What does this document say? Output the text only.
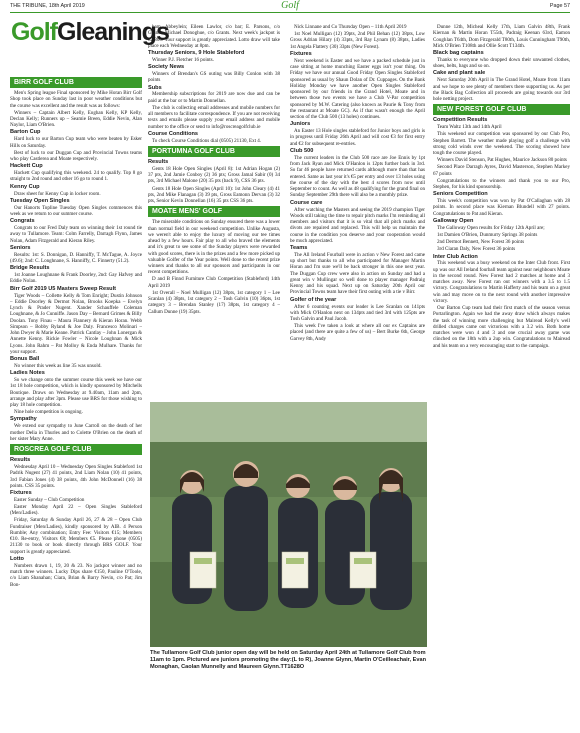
THE TRIBUNE, 18th April 2019	Golf	Page 57
GolfGleanings
BIRR GOLF CLUB

Men's Spring league Final sponsored by Mike Horan Birr Golf Shop took place on Sunday last in poor weather conditions but the course was excellent and the result was as follows:

Winners – Captain Albert Kelly, Eoghan Kelly, KP Kelly, Declan Kelly; Runners up – Seamie Breen, Eddie Nevin, Alan Naylor, Liam O'Brien.

Barton Cup

Hard luck to our Barton Cup team who were beaten by Esker Hills on Saturday.

Best of luck to our Duggan Cup and Provincial Towns teams who play Castlerea and Moate respectively.

Hackett Cup

Hackett Cup qualifying this weekend. 24 to qualify. Top 8 go straight to 2nd round and other 16 go to round 1.

Kenny Cup

Draw sheet for Kenny Cup in locker room.

Tuesday Open Singles

Our Hanorts Topline Tuesday Open Singles commences this week as we return to our summer course.

Congrats

Congrats to our Fred Daly team on winning their 1st round tie away to Tullamore. Team: Colm Farrelly, Darragh Flynn, James Nolan, Adam Fitzgerald and Kieran Riley.

Seniors

Results: 1st: S. Donnigan, D. Hanniffy, T. McTague, A. Joyce (49.6); 2nd: C. Longhnane, S. Hanniffy, C. Finnerty (51.2).

Bridge Results

1st Joanne Loughnane & Frank Doorley, 2nd: Gay Hafvey and Eddie Nolan.

Birr Golf 2019 U5 Masters Sweep Result

Tiger Woods – Collette Kelly & Tom Enright; Dustin Johnson – Eddie Doorley & Dermot Nolan, Brooks Koepka – Evelyn Lynch & Prader Nugent. Xander Schauffele Coleman Loughnane, & Jo Cunniffe. Jason Day – Bernard Grimes & Billy Doolan. Tony Finau – Maura Flannery & Kieran Horan. Webb Simpson – Bobby Ryland & Joe Daly. Francesco Molinari – John Dwyer & Marie Keane. Patrick Cantlay – John Lonergan & Annette Kenny. Rickie Fowler – Nicole Loughnan & Mick Lyons. John Rahm – Pat Molloy & Enda Mulhare. Thanks for your support.

Bonus Ball

No winner this week as line 35 was unsold.

Ladies Notes

So we change onto the summer course this week we have our 1st 18 hole competition, which is kindly sponsored by Mitchells Boutique. Draws on Wednesday at 9.40am, 11am and 2pm, arrange and play after 3pm. Please use BRS for those wishing to play 18 hole competition.

Nine hole competition is ongoing.

Sympathy

We extend our sympathy to June Carroll on the death of her mother Delia in Thurles and to Colette O'Brien on the death of her sister Mary Anne.

ROSCREA GOLF CLUB
Results

Wednesday April 10 – Wednesday Open Singles Stableford 1st Padrik Nugent (27) 41 points, 2nd Liam Nolan (10) 41 points, 3rd Fabian Jones (4) 38 points, 4th John McDonnell (16) 38 points. CSS 35 points.

Fixtures

Easter Sunday – Club Competition

Easter Monday April 22 – Open Singles Stableford (Men/Ladies).

Friday, Saturday & Sunday April 26, 27 & 28 – Open Club Fundraiser (Men/Ladies), kindly sponsored by AIB. 4 Person Rumble; Any combination; Entry Fee: Visitors €15; Members €10. Re-entry, Visitors €8; Members €5. Please phone (0505) 21130 to book or book directly through BRS GOLF. Your support is greatly appreciated.

Lotto

Numbers drawn 1, 19, 20 & 23. No jackpot winner and no match three winners. Lucky Dips share €150, Pauline O'Toole, c/o Liam Shanahan; Ciara, Brian & Barry Nevin, c/o Pat; Jim Bon-

ham, Abbeylein; Eileen Lawlor, c/o bar; E. Parsons, c/o Grants; Michael Donoghue, c/o Grants. Next week's jackpot is €2,800. Your support is greatly appreciated. Lotto draw will take place each Wednesday at 8pm.

Thursday Seniors, 9 Hole Stableford

Winner P.J. Fletcher 16 points.

Society News

Winners of Brendan's GS outing was Billy Conlon with 38 points

Subs

Membership subscriptions for 2019 are now due and can be paid at the bar or to Martin Donnellan.

The club is collecting email addresses and mobile numbers for all members to facilitate correspondence. If you are not receiving texts and emails please supply your email address and mobile number to the office or send to info@roscreagolfclub.ie

Course Conditions

To check Course Conditions dial (0505) 21130, Ext 4.

PORTUMNA GOLF CLUB
Results

Gents 18 Hole Open Singles (April 8): 1st Adrian Hogan (2) 37 pts, 2nd Jamie Conboy (2) 36 pts; Gross Jamal Sabir (0) 34 pts, 3rd Michael Malone (20) 35 pts (back 9), CSS 36 pts.

Gents 18 Hole Open Singles (April 10): 1st John Cleary (4) 41 pts, 2nd Mike Flanagan (3) 39 pts, Gross Eamonn Dervan (3) 32 pts, Senior Kevin Donnellan (16) 35 pts CSS 36 pts.

MOATE MENS' GOLF

The miserable conditions on Sunday ensured there was a lower than normal field in our weekend competition. Unlike Augusta, we weren't able to enjoy the luxury of moving our tee times ahead by a few hours. Fair play to all who braved the elements and it's great to see some of the Sunday players were rewarded with good scores, there is in the prizes and a few more picked up valuable Golfer of the Year points. Well done to the recent prize winners and thanks to all our sponsors and participants in our recent competitions.

D and B Finnd Furniture Club Competition (Stableford) 14th April 2019

1st Overall – Noel Mulligan (12) 38pts, 1st category 1 – Lee Scanlan (4) 38pts, 1st category 2 – Tosh Galvin (10) 36pts, 1st category 3 – Brendan Stanley (17) 38pts, 1st category 4 – Callum Dunne (19) 35pts.

Nick Linnane and Co Thursday Open – 11th April 2019

1st Noel Mulligan (12) 39pts, 2nd Phil Behan (12) 38pts, Low Gross Adrian Hilary (4) 33pts, 3rd Ray Lynam (8) 38pts, Ladies 1st Angela Flattery (30) 33pts (New Forest).

Fixtures

Next weekend is Easter and we have a packed schedule just in case sitting at home munching Easter eggs isn't your thing. On Friday we have our annual Good Friday Open Singles Stableford sponsored as usual by Shaun Dolan of Dr. Cuppages. On the Bank Holiday Monday we have another Open Singles Stableford sponsored by our friends in the Grand Hotel, Moate and in between those two events we have a Club V-Par competition sponsored by M.W. Catering (also known as Paurie & Tony from the restaurant at Moate GC). As if that wasn't enough the April section of the Club 500 (13 holes) continues.

Juniors

An Easter 13 Hole singles stableford for Junior boys and girls is in progress until Friday 26th April and will cost €3 for first entry and €2 for subsequent re-entries.

Club 500

The current leaders in the Club 500 race are Joe Ennis by 1pt from Jack Ryan and Mick O'Hanlon is 12pts further back in 3rd. So far 46 people have returned cards although more than that has entered. Same as last year it's €5 per entry and over 13 holes using the course of the day with the best 4 scores from now until September to count. As well as 48 qualifying for the grand final on Sunday September 29th there will also be a monthly prize.

Course care

After watching the Masters and seeing the 2019 champion Tiger Woods still taking the time to repair pitch marks I'm reminding all members and visitors that it is so vital that all pitch marks and divots are repaired and replaced. This will help us maintain the course in the condition you deserve and your cooperation would be much appreciated.

Teams

The All Ireland Fourball were in action v New Forest and came up short but thanks to all who participated for Manager Martin Horan and I'm sure we'll be back stronger in this one next year. The Duggan Cup crew were also in action on Sunday and had a great win v Mullingar so well done to player manager Padraig Kenny and his squad. Next up on Saturday 20th April our Provincial Towns team have their first outing with a tie v Birr.

Golfer of the year

After 6 counting events our leader is Lee Scanlan on 141pts with Mick O'Hanlon next on 134pts and tied 3rd with 125pts are Tosh Galvin and Paul Jacob.

This week I've taken a look at where all our ex Captains are placed (and there are quite a few of us) – Bert Burke 6th, George Garvey 8th, Andy

Dunne 12th, Micheal Kelly 17th, Liam Galvin 48th, Frank Kiernan & Martin Horan T55th, Padraig Keenan 63rd, Eamon Coughlan T64th, Dom Fitzgerald T80th, Louis Cunningham T90th, Mick O'Brien T108th and Ollie Scott T134th.

Black bag captains

Thanks to everyone who dropped down their unwanted clothes, shoes, belts, bags and so on.

Cake and plant sale

Next Saturday 20th April in The Grand Hotel, Moate from 11am and we hope to see plenty of members there supporting us. As per the Black Bag Collection all proceeds are going towards our 3rd hole netting project.

NEW FOREST GOLF CLUB
Competition Results

Team Waltz 13th and 14th April

This weekend our competition was sponsored by our Club Pro, Stephen Barrett. The weather made playing golf a challenge with strong cold winds over the weekend. The scoring showed how tough the course played.

Winners David Stenson, Pat Hughes, Maurice Jackson 80 points

Second Place Darragh Ayres, David Masterson, Stephen Markey 67 points

Congratulations to the winners and thank you to our Pro, Stephen, for his kind sponsorship.

Seniors Competition

This week's competition was won by Pat O'Callaghan with 28 points. In second place was Kiernan Blundell with 27 points. Congratulations to Pat and Kieran.

Galloway Open

The Galloway Open results for Friday 12th April are;

1st Damien O'Brien, Dunmurry Springs 38 points

2nd Dermot Bennett, New Forest 36 points

3rd Ciaran Daly, New Forest 36 points

Inter Club Action

This weekend was a busy weekend on the Inter Club front. First up was our All Ireland fourball team against near neighbours Moate in the second round. New Forest had 2 matches at home and 3 matches away. New Forest ran out winners with a 3.5 to 1.5 victory. Congratulations to Martin Hafferty and his team on a great win and may move on to the next round with another impressive victory.

Our Barton Cup team had their first match of the season versus Portarlington. Again we had the away draw which always makes the task of winning more challenging but Mairead Kelly's well drilled charges came out victorious with a 3.2 win. Both home matches were won 4 and 3 and one crucial away game was clinched on the 18th with a 2up win. Congratulations to Mairead and his team on a very encouraging start to the campaign.

The Tullamore Golf Club junior open day will be held on Saturday April 24th at Tullamore Golf Club from 11am to 1pm. Pictured are juniors promoting the day:(L to R), Joanne Glynn, Martin O'Ceilleachair, Evan Monaghan, Caolan Munnelly and Maureen Glynn.TT1628O
